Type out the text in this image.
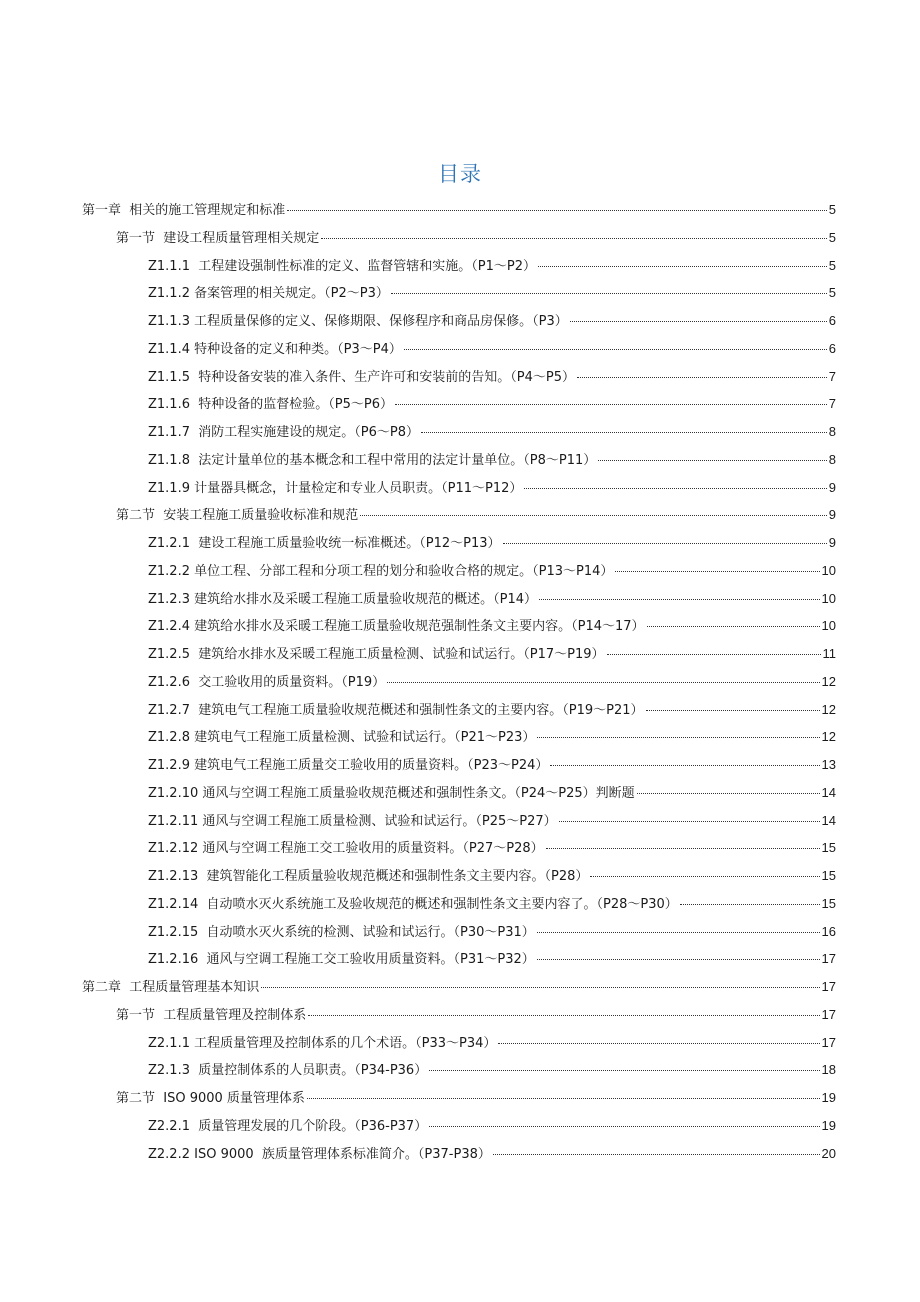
目录
第一章  相关的施工管理规定和标准	5
第一节  建设工程质量管理相关规定	5
Z1.1.1  工程建设强制性标准的定义、监督管辖和实施。（P1～P2）	5
Z1.1.2 备案管理的相关规定。（P2～P3）	5
Z1.1.3 工程质量保修的定义、保修期限、保修程序和商品房保修。（P3）	6
Z1.1.4 特种设备的定义和种类。（P3～P4）	6
Z1.1.5  特种设备安装的准入条件、生产许可和安装前的告知。（P4～P5）	7
Z1.1.6  特种设备的监督检验。（P5～P6）	7
Z1.1.7  消防工程实施建设的规定。（P6～P8）	8
Z1.1.8  法定计量单位的基本概念和工程中常用的法定计量单位。（P8～P11）	8
Z1.1.9 计量器具概念，计量检定和专业人员职责。（P11～P12）	9
第二节  安装工程施工质量验收标准和规范	9
Z1.2.1  建设工程施工质量验收统一标准概述。（P12～P13）	9
Z1.2.2 单位工程、分部工程和分项工程的划分和验收合格的规定。（P13～P14）	10
Z1.2.3 建筑给水排水及采暖工程施工质量验收规范的概述。（P14）	10
Z1.2.4 建筑给水排水及采暖工程施工质量验收规范强制性条文主要内容。（P14～17）	10
Z1.2.5  建筑给水排水及采暖工程施工质量检测、试验和试运行。（P17～P19）	11
Z1.2.6  交工验收用的质量资料。（P19）	12
Z1.2.7  建筑电气工程施工质量验收规范概述和强制性条文的主要内容。（P19～P21）	12
Z1.2.8 建筑电气工程施工质量检测、试验和试运行。（P21～P23）	12
Z1.2.9 建筑电气工程施工质量交工验收用的质量资料。（P23～P24）	13
Z1.2.10 通风与空调工程施工质量验收规范概述和强制性条文。（P24～P25）判断题	14
Z1.2.11 通风与空调工程施工质量检测、试验和试运行。（P25～P27）	14
Z1.2.12 通风与空调工程施工交工验收用的质量资料。（P27～P28）	15
Z1.2.13  建筑智能化工程质量验收规范概述和强制性条文主要内容。（P28）	15
Z1.2.14  自动喷水灭火系统施工及验收规范的概述和强制性条文主要内容了。（P28～P30）	15
Z1.2.15  自动喷水灭火系统的检测、试验和试运行。（P30～P31）	16
Z1.2.16  通风与空调工程施工交工验收用质量资料。（P31～P32）	17
第二章  工程质量管理基本知识	17
第一节  工程质量管理及控制体系	17
Z2.1.1 工程质量管理及控制体系的几个术语。（P33～P34）	17
Z2.1.3  质量控制体系的人员职责。（P34-P36）	18
第二节  ISO 9000 质量管理体系	19
Z2.2.1  质量管理发展的几个阶段。（P36-P37）	19
Z2.2.2 ISO 9000  族质量管理体系标准简介。（P37-P38）	20
